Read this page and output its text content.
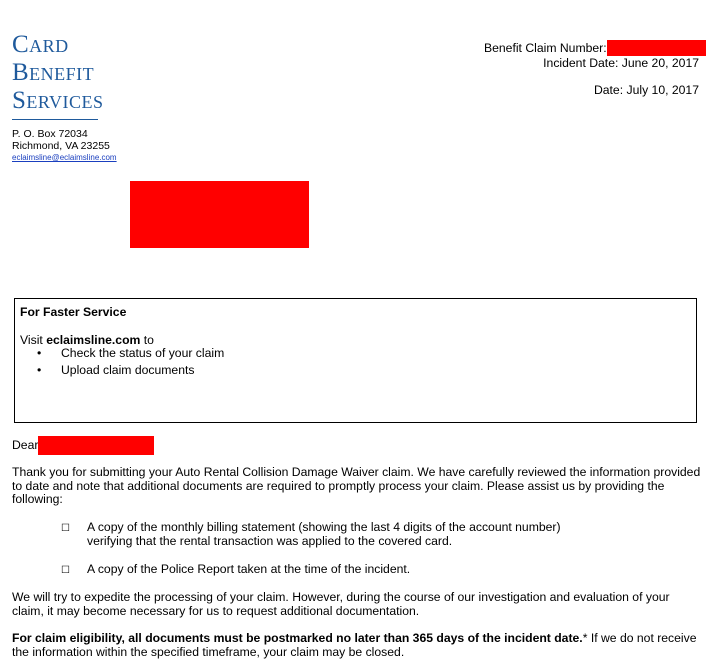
Card
Benefit
Services
P. O. Box 72034
Richmond, VA 23255
eclaimsline@eclaimsline.com
Benefit Claim Number:
Incident Date: June 20, 2017
Date: July 10, 2017
For Faster Service
Visit eclaimsline.com to
• Check the status of your claim
• Upload claim documents
Dear
Thank you for submitting your Auto Rental Collision Damage Waiver claim. We have carefully reviewed the information provided to date and note that additional documents are required to promptly process your claim. Please assist us by providing the following:
☐ A copy of the monthly billing statement (showing the last 4 digits of the account number) verifying that the rental transaction was applied to the covered card.
☐ A copy of the Police Report taken at the time of the incident.
We will try to expedite the processing of your claim. However, during the course of our investigation and evaluation of your claim, it may become necessary for us to request additional documentation.
For claim eligibility, all documents must be postmarked no later than 365 days of the incident date.* If we do not receive the information within the specified timeframe, your claim may be closed.
